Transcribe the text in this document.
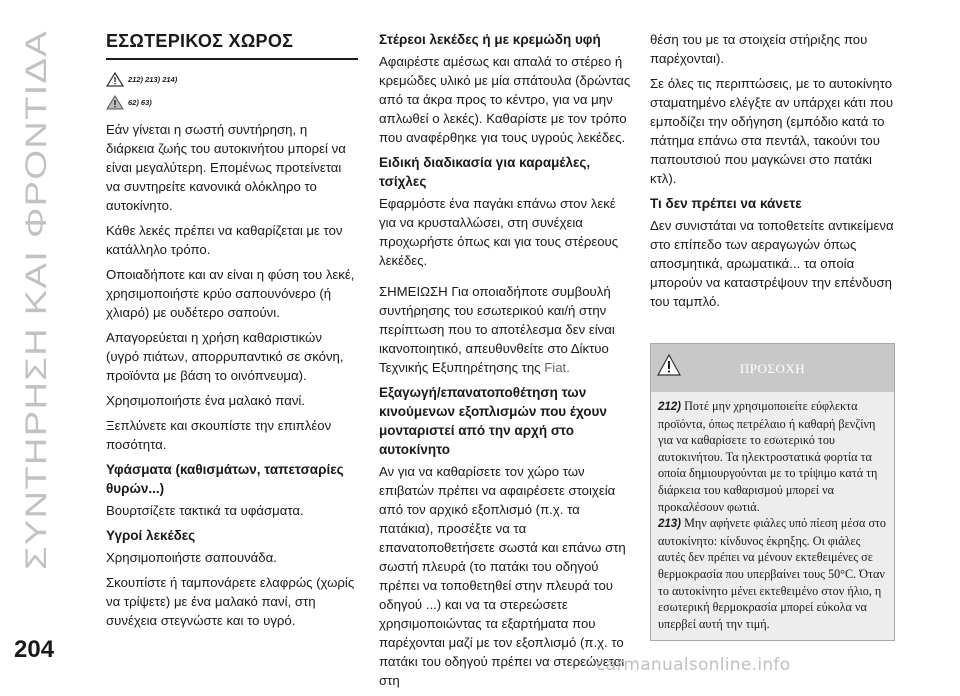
ΣΥΝΤΗΡΗΣΗ ΚΑΙ ΦΡΟΝΤΙΔΑ
ΕΣΩΤΕΡΙΚΟΣ ΧΩΡΟΣ
212) 213) 214)
62) 63)

Εάν γίνεται η σωστή συντήρηση, η διάρκεια ζωής του αυτοκινήτου μπορεί να είναι μεγαλύτερη. Επομένως προτείνεται να συντηρείτε κανονικά ολόκληρο το αυτοκίνητο.

Κάθε λεκές πρέπει να καθαρίζεται με τον κατάλληλο τρόπο.

Οποιαδήποτε και αν είναι η φύση του λεκέ, χρησιμοποιήστε κρύο σαπουνόνερο (ή χλιαρό) με ουδέτερο σαπούνι.

Απαγορεύεται η χρήση καθαριστικών (υγρό πιάτων, απορρυπαντικό σε σκόνη, προϊόντα με βάση το οινόπνευμα).

Χρησιμοποιήστε ένα μαλακό πανί.

Ξεπλύνετε και σκουπίστε την επιπλέον ποσότητα.

Υφάσματα (καθισμάτων, ταπετσαρίες θυρών...)

Βουρτσίζετε τακτικά τα υφάσματα.

Υγροί λεκέδες

Χρησιμοποιήστε σαπουνάδα.

Σκουπίστε ή ταμπονάρετε ελαφρώς (χωρίς να τρίψετε) με ένα μαλακό πανί, στη συνέχεια στεγνώστε και το υγρό.

Στέρεοι λεκέδες ή με κρεμώδη υφή

Αφαιρέστε αμέσως και απαλά το στέρεο ή κρεμώδες υλικό με μία σπάτουλα (δρώντας από τα άκρα προς το κέντρο, για να μην απλωθεί ο λεκές). Καθαρίστε με τον τρόπο που αναφέρθηκε για τους υγρούς λεκέδες.

Ειδική διαδικασία για καραμέλες, τσίχλες

Εφαρμόστε ένα παγάκι επάνω στον λεκέ για να κρυσταλλώσει, στη συνέχεια προχωρήστε όπως και για τους στέρεους λεκέδες.

ΣΗΜΕΙΩΣΗ Για οποιαδήποτε συμβουλή συντήρησης του εσωτερικού και/ή στην περίπτωση που το αποτέλεσμα δεν είναι ικανοποιητικό, απευθυνθείτε στο Δίκτυο Τεχνικής Εξυπηρέτησης της Fiat.

Εξαγωγή/επανατοποθέτηση των κινούμενων εξοπλισμών που έχουν μονταριστεί από την αρχή στο αυτοκίνητο

Αν για να καθαρίσετε τον χώρο των επιβατών πρέπει να αφαιρέσετε στοιχεία από τον αρχικό εξοπλισμό (π.χ. τα πατάκια), προσέξτε να τα επανατοποθετήσετε σωστά και επάνω στη σωστή πλευρά (το πατάκι του οδηγού πρέπει να τοποθετηθεί στην πλευρά του οδηγού ...) και να τα στερεώσετε χρησιμοποιώντας τα εξαρτήματα που παρέχονται μαζί με τον εξοπλισμό (π.χ. το πατάκι του οδηγού πρέπει να στερεώνεται στη

θέση του με τα στοιχεία στήριξης που παρέχονται).

Σε όλες τις περιπτώσεις, με το αυτοκίνητο σταματημένο ελέγξτε αν υπάρχει κάτι που εμποδίζει την οδήγηση (εμπόδιο κατά το πάτημα επάνω στα πεντάλ, τακούνι του παπουτσιού που μαγκώνει στο πατάκι κτλ).

Τι δεν πρέπει να κάνετε

Δεν συνιστάται να τοποθετείτε αντικείμενα στο επίπεδο των αεραγωγών όπως αποσμητικά, αρωματικά... τα οποία μπορούν να καταστρέψουν την επένδυση του ταμπλό.

ΠΡΟΣΟΧΗ

212) Ποτέ μην χρησιμοποιείτε εύφλεκτα προϊόντα, όπως πετρέλαιο ή καθαρή βενζίνη για να καθαρίσετε το εσωτερικό του αυτοκινήτου. Τα ηλεκτροστατικά φορτία τα οποία δημιουργούνται με το τρίψιμο κατά τη διάρκεια του καθαρισμού μπορεί να προκαλέσουν φωτιά.

213) Μην αφήνετε φιάλες υπό πίεση μέσα στο αυτοκίνητο: κίνδυνος έκρηξης. Οι φιάλες αυτές δεν πρέπει να μένουν εκτεθειμένες σε θερμοκρασία που υπερβαίνει τους 50°C. Όταν το αυτοκίνητο μένει εκτεθειμένο στον ήλιο, η εσωτερική θερμοκρασία μπορεί εύκολα να υπερβεί αυτή την τιμή.

204
carmanualsonline.info
